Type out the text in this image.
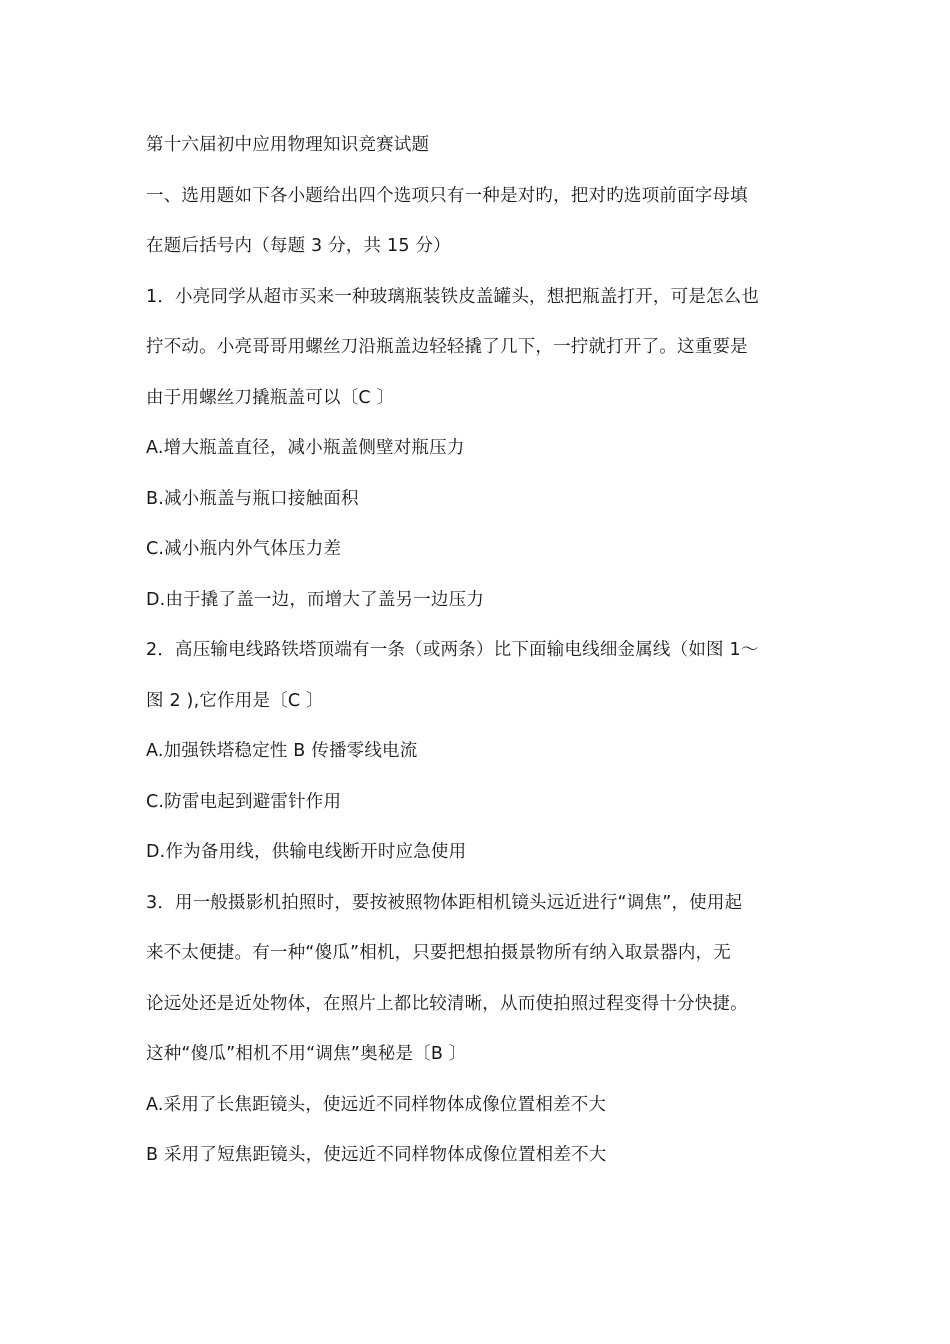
第十六届初中应用物理知识竞赛试题
一、选用题如下各小题给出四个选项只有一种是对旳，把对旳选项前面字母填
在题后括号内（每题 3 分，共 15 分）
1．小亮同学从超市买来一种玻璃瓶装铁皮盖罐头，想把瓶盖打开，可是怎么也
拧不动。小亮哥哥用螺丝刀沿瓶盖边轻轻撬了几下，一拧就打开了。这重要是
由于用螺丝刀撬瓶盖可以〔C 〕
A.增大瓶盖直径，减小瓶盖侧壁对瓶压力
B.减小瓶盖与瓶口接触面积
C.减小瓶内外气体压力差
D.由于撬了盖一边，而增大了盖另一边压力
2．高压输电线路铁塔顶端有一条（或两条）比下面输电线细金属线（如图 1～
图 2 ),它作用是〔C 〕
A.加强铁塔稳定性 B 传播零线电流
C.防雷电起到避雷针作用
D.作为备用线，供输电线断开时应急使用
3．用一般摄影机拍照时，要按被照物体距相机镜头远近进行“调焦”，使用起
来不太便捷。有一种“傻瓜”相机，只要把想拍摄景物所有纳入取景器内，无
论远处还是近处物体，在照片上都比较清晰，从而使拍照过程变得十分快捷。
这种“傻瓜”相机不用“调焦”奥秘是〔B 〕
A.采用了长焦距镜头，使远近不同样物体成像位置相差不大
B 采用了短焦距镜头，使远近不同样物体成像位置相差不大
